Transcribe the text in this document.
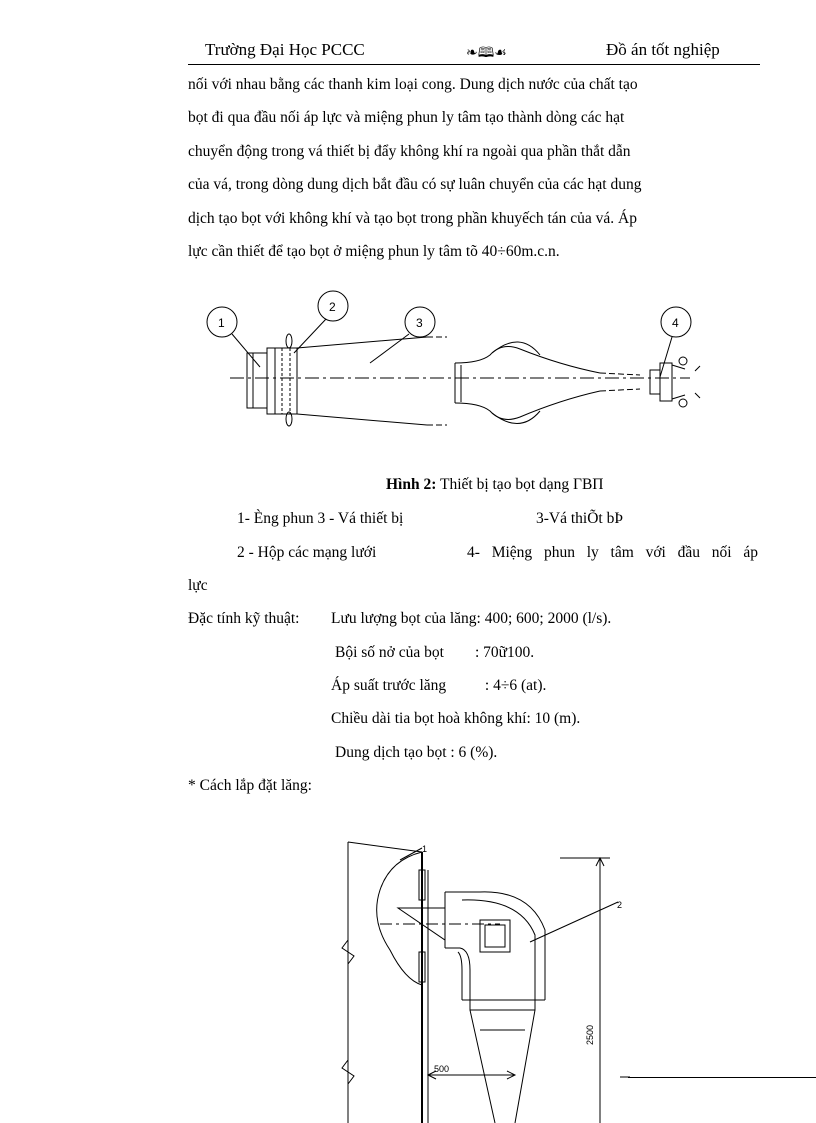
Trường Đại Học PCCC	❧🕮☙	Đồ án tốt nghiệp

nối với nhau bằng các thanh kim loại cong. Dung dịch nước của chất tạo

bọt đi qua đầu nối áp lực và miệng phun ly tâm tạo thành dòng các hạt

chuyển động trong vá thiết bị đẩy không khí ra ngoài qua phần thắt dẫn

của vá, trong dòng dung dịch bắt đầu có sự luân chuyển của các hạt dung

dịch tạo bọt với không khí và tạo bọt trong phần khuyếch tán của vá. Áp

lực cần thiết để tạo bọt ở miệng phun ly tâm tõ 40÷60m.c.n.

1
2
3	4
Hình 2: Thiết bị tạo bọt dạng ГВП
1- Èng phun 3 - Vá thiết bị	3-Vá thiÕt bÞ
2 - Hộp các mạng lưới	4- Miệng phun ly tâm với đầu nối áp
lực
Đặc tính kỹ thuật: Lưu lượng bọt của lăng: 400; 600; 2000 (l/s).
Bội số nở của bọt        : 70ữ100.
Áp suất trước lăng          : 4÷6 (at).
Chiều dài tia bọt hoà không khí: 10 (m).
Dung dịch tạo bọt : 6 (%).
* Cách lắp đặt lăng:
1
2
2500
500
